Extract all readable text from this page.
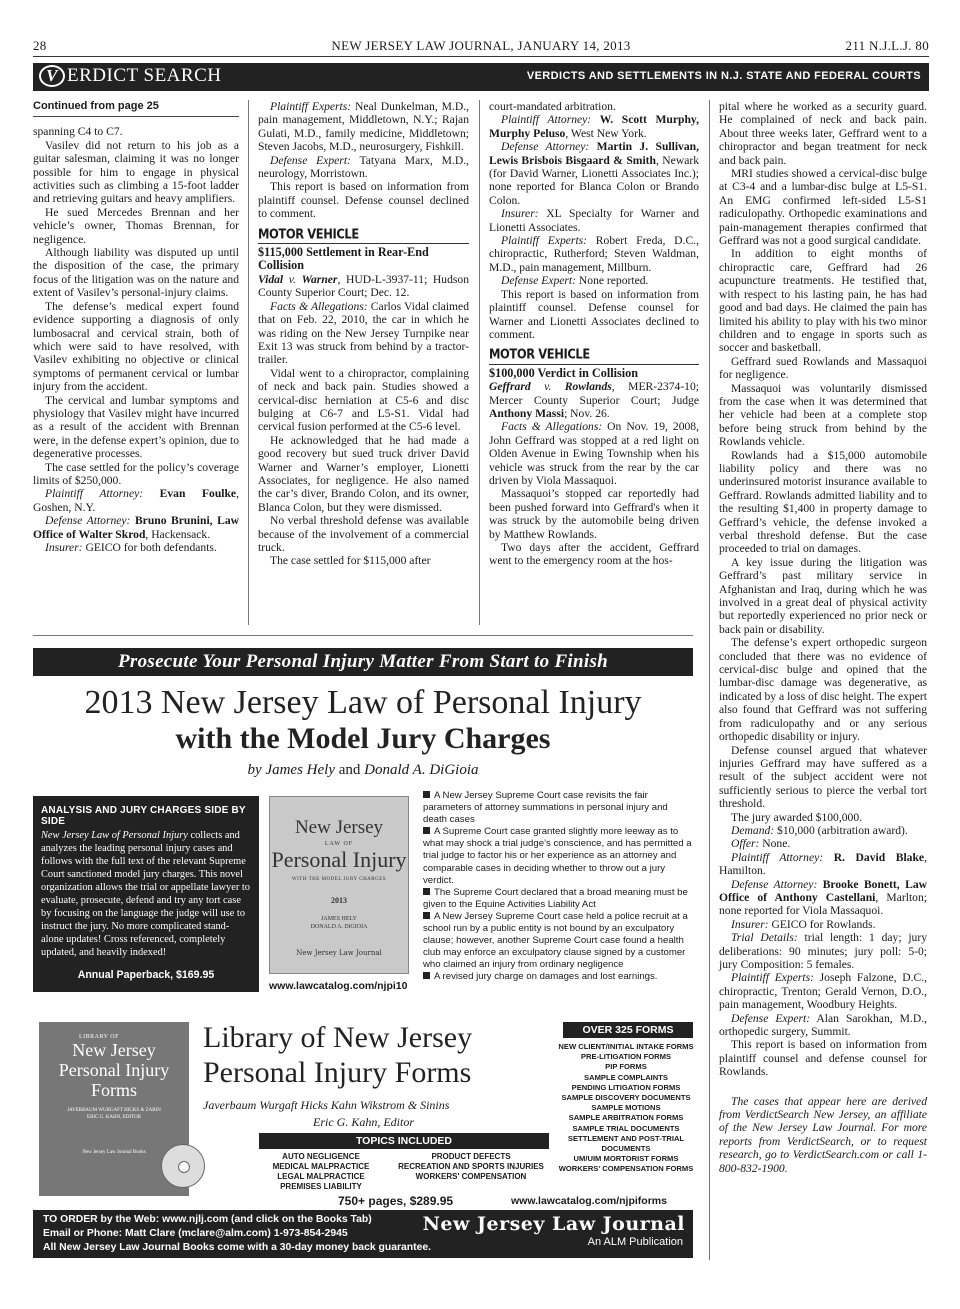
28	NEW JERSEY LAW JOURNAL, JANUARY 14, 2013	211 N.J.L.J. 80
V ERDICT SEARCH	VERDICTS AND SETTLEMENTS IN N.J. STATE AND FEDERAL COURTS
Continued from page 25

spanning C4 to C7.

Vasilev did not return to his job as a guitar salesman, claiming it was no longer possible for him to engage in physical activities such as climbing a 15-foot ladder and retrieving guitars and heavy amplifiers.

He sued Mercedes Brennan and her vehicle’s owner, Thomas Brennan, for negligence.

Although liability was disputed up until the disposition of the case, the primary focus of the litigation was on the nature and extent of Vasilev’s personal-injury claims.

The defense’s medical expert found evidence supporting a diagnosis of only lumbosacral and cervical strain, both of which were said to have resolved, with Vasilev exhibiting no objective or clinical symptoms of permanent cervical or lumbar injury from the accident.

The cervical and lumbar symptoms and physiology that Vasilev might have incurred as a result of the accident with Brennan were, in the defense expert’s opinion, due to degenerative processes.

The case settled for the policy’s coverage limits of $250,000.

Plaintiff Attorney: Evan Foulke, Goshen, N.Y.

Defense Attorney: Bruno Brunini, Law Office of Walter Skrod, Hackensack.

Insurer: GEICO for both defendants.

Plaintiff Experts: Neal Dunkelman, M.D., pain management, Middletown, N.Y.; Rajan Gulati, M.D., family medicine, Middletown; Steven Jacobs, M.D., neurosurgery, Fishkill.

Defense Expert: Tatyana Marx, M.D., neurology, Morristown.

This report is based on information from plaintiff counsel. Defense counsel declined to comment.

MOTOR VEHICLE
$115,000 Settlement in Rear-End Collision

Vidal v. Warner, HUD-L-3937-11; Hudson County Superior Court; Dec. 12.

Facts & Allegations: Carlos Vidal claimed that on Feb. 22, 2010, the car in which he was riding on the New Jersey Turnpike near Exit 13 was struck from behind by a tractor-trailer.

Vidal went to a chiropractor, complaining of neck and back pain. Studies showed a cervical-disc herniation at C5-6 and disc bulging at C6-7 and L5-S1. Vidal had cervical fusion performed at the C5-6 level.

He acknowledged that he had made a good recovery but sued truck driver David Warner and Warner’s employer, Lionetti Associates, for negligence. He also named the car’s diver, Brando Colon, and its owner, Blanca Colon, but they were dismissed.

No verbal threshold defense was available because of the involvement of a commercial truck.

The case settled for $115,000 after

court-mandated arbitration.

Plaintiff Attorney: W. Scott Murphy, Murphy Peluso, West New York.

Defense Attorney: Martin J. Sullivan, Lewis Brisbois Bisgaard & Smith, Newark (for David Warner, Lionetti Associates Inc.); none reported for Blanca Colon or Brando Colon.

Insurer: XL Specialty for Warner and Lionetti Associates.

Plaintiff Experts: Robert Freda, D.C., chiropractic, Rutherford; Steven Waldman, M.D., pain management, Millburn.

Defense Expert: None reported.

This report is based on information from plaintiff counsel. Defense counsel for Warner and Lionetti Associates declined to comment.

MOTOR VEHICLE
$100,000 Verdict in Collision

Geffrard v. Rowlands, MER-2374-10; Mercer County Superior Court; Judge Anthony Massi; Nov. 26.

Facts & Allegations: On Nov. 19, 2008, John Geffrard was stopped at a red light on Olden Avenue in Ewing Township when his vehicle was struck from the rear by the car driven by Viola Massaquoi.

Massaquoi’s stopped car reportedly had been pushed forward into Geffrard's when it was struck by the automobile being driven by Matthew Rowlands.

Two days after the accident, Geffrard went to the emergency room at the hos-

pital where he worked as a security guard. He complained of neck and back pain. About three weeks later, Geffrard went to a chiropractor and began treatment for neck and back pain.

MRI studies showed a cervical-disc bulge at C3-4 and a lumbar-disc bulge at L5-S1. An EMG confirmed left-sided L5-S1 radiculopathy. Orthopedic examinations and pain-management therapies confirmed that Geffrard was not a good surgical candidate.

In addition to eight months of chiropractic care, Geffrard had 26 acupuncture treatments. He testified that, with respect to his lasting pain, he has had good and bad days. He claimed the pain has limited his ability to play with his two minor children and to engage in sports such as soccer and basketball.

Geffrard sued Rowlands and Massaquoi for negligence.

Massaquoi was voluntarily dismissed from the case when it was determined that her vehicle had been at a complete stop before being struck from behind by the Rowlands vehicle.

Rowlands had a $15,000 automobile liability policy and there was no underinsured motorist insurance available to Geffrard. Rowlands admitted liability and to the resulting $1,400 in property damage to Geffrard’s vehicle, the defense invoked a verbal threshold defense. But the case proceeded to trial on damages.

A key issue during the litigation was Geffrard’s past military service in Afghanistan and Iraq, during which he was involved in a great deal of physical activity but reportedly experienced no prior neck or back pain or disability.

The defense’s expert orthopedic surgeon concluded that there was no evidence of cervical-disc bulge and opined that the lumbar-disc damage was degenerative, as indicated by a loss of disc height. The expert also found that Geffrard was not suffering from radiculopathy and or any serious orthopedic disability or injury.

Defense counsel argued that whatever injuries Geffrard may have suffered as a result of the subject accident were not sufficiently serious to pierce the verbal tort threshold.

The jury awarded $100,000.

Demand: $10,000 (arbitration award).

Offer: None.

Plaintiff Attorney: R. David Blake, Hamilton.

Defense Attorney: Brooke Bonett, Law Office of Anthony Castellani, Marlton; none reported for Viola Massaquoi.

Insurer: GEICO for Rowlands.

Trial Details: trial length: 1 day; jury deliberations: 90 minutes; jury poll: 5-0; jury Composition: 5 females.

Plaintiff Experts: Joseph Falzone, D.C., chiropractic, Trenton; Gerald Vernon, D.O., pain management, Woodbury Heights.

Defense Expert: Alan Sarokhan, M.D., orthopedic surgery, Summit.

This report is based on information from plaintiff counsel and defense counsel for Rowlands.

The cases that appear here are derived from VerdictSearch New Jersey, an affiliate of the New Jersey Law Journal. For more reports from VerdictSearch, or to request research, go to VerdictSearch.com or call 1-800-832-1900.

Prosecute Your Personal Injury Matter From Start to Finish
2013 New Jersey Law of Personal Injury
with the Model Jury Charges
by James Hely and Donald A. DiGioia
ANALYSIS AND JURY CHARGES SIDE BY SIDE
New Jersey Law of Personal Injury collects and analyzes the leading personal injury cases and follows with the full text of the relevant Supreme Court sanctioned model jury charges. This novel organization allows the trial or appellate lawyer to evaluate, prosecute, defend and try any tort case by focusing on the language the judge will use to instruct the jury. No more complicated stand-alone updates! Cross referenced, completely updated, and heavily indexed!
Annual Paperback, $169.95
New Jersey
LAW OF
Personal Injury
WITH THE MODEL JURY CHARGES
2013
JAMES HELY
DONALD A. DiGIOIA
New Jersey Law Journal
www.lawcatalog.com/njpi10
A New Jersey Supreme Court case revisits the fair parameters of attorney summations in personal injury and death cases
A Supreme Court case granted slightly more leeway as to what may shock a trial judge’s conscience, and has permitted a trial judge to factor his or her experience as an attorney and comparable cases in deciding whether to throw out a jury verdict.
The Supreme Court declared that a broad meaning must be given to the Equine Activities Liability Act
A New Jersey Supreme Court case held a police recruit at a school run by a public entity is not bound by an exculpatory clause; however, another Supreme Court case found a health club may enforce an exculpatory clause signed by a customer who claimed an injury from ordinary negligence
A revised jury charge on damages and lost earnings.
LIBRARY OF
New Jersey
Personal Injury Forms
JAVERBAUM WURGAFT HICKS & ZARIN
ERIC G. KAHN, EDITOR
New Jersey Law Journal Books
Library of New Jersey
Personal Injury Forms
Javerbaum Wurgaft Hicks Kahn Wikstrom & Sinins
Eric G. Kahn, Editor
TOPICS INCLUDED
AUTO NEGLIGENCE
MEDICAL MALPRACTICE
LEGAL MALPRACTICE
PREMISES LIABILITY
PRODUCT DEFECTS
RECREATION AND SPORTS INJURIES
WORKERS' COMPENSATION
750+ pages, $289.95	www.lawcatalog.com/njpiforms
OVER 325 FORMS
NEW CLIENT/INITIAL INTAKE FORMS
PRE-LITIGATION FORMS
PIP FORMS
SAMPLE COMPLAINTS
PENDING LITIGATION FORMS
SAMPLE DISCOVERY DOCUMENTS
SAMPLE MOTIONS
SAMPLE ARBITRATION FORMS
SAMPLE TRIAL DOCUMENTS
SETTLEMENT AND POST-TRIAL DOCUMENTS
UM/UIM MORTORIST FORMS
WORKERS' COMPENSATION FORMS
TO ORDER by the Web: www.njlj.com (and click on the Books Tab)
Email or Phone: Matt Clare (mclare@alm.com) 1-973-854-2945
All New Jersey Law Journal Books come with a 30-day money back guarantee.
New Jersey Law Journal
An ALM Publication
